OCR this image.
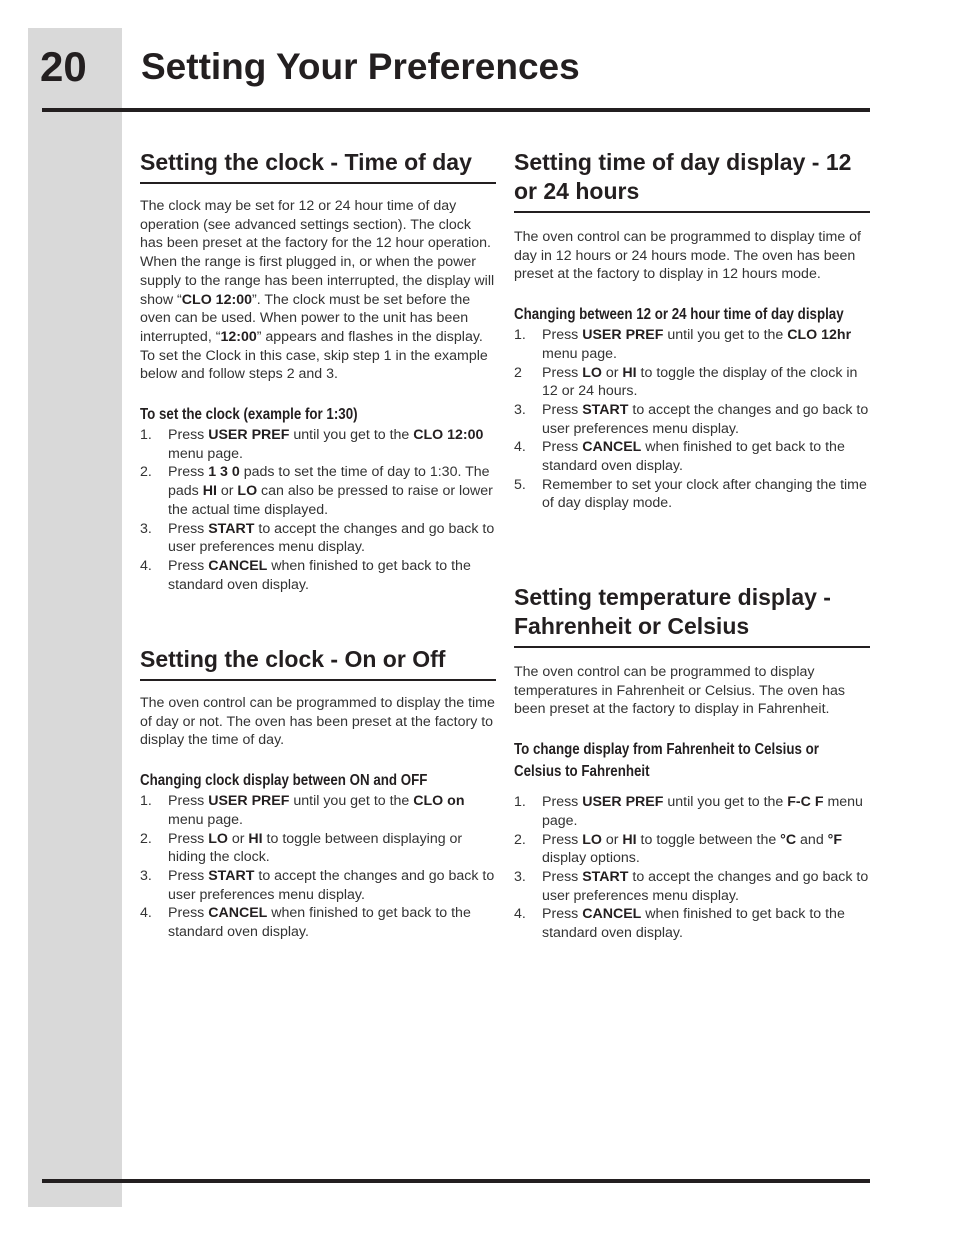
20 Setting Your Preferences
Setting the clock - Time of day

The clock may be set for 12 or 24 hour time of day operation (see advanced settings section). The clock has been preset at the factory for the 12 hour operation. When the range is first plugged in, or when the power supply to the range has been interrupted, the display will show “CLO 12:00”. The clock must be set before the oven can be used. When power to the unit has been interrupted, “12:00” appears and flashes in the display. To set the Clock in this case, skip step 1 in the example below and follow steps 2 and 3.

To set the clock (example for 1:30)

1. Press USER PREF until you get to the CLO 12:00 menu page.
2. Press 1 3 0 pads to set the time of day to 1:30. The pads HI or LO can also be pressed to raise or lower the actual time displayed.
3. Press START to accept the changes and go back to user preferences menu display.
4. Press CANCEL when finished to get back to the standard oven display.
Setting the clock - On or Off

The oven control can be programmed to display the time of day or not. The oven has been preset at the factory to display the time of day.

Changing clock display between ON and OFF

1. Press USER PREF until you get to the CLO on menu page.
2. Press LO or HI to toggle between displaying or hiding the clock.
3. Press START to accept the changes and go back to user preferences menu display.
4. Press CANCEL when finished to get back to the standard oven display.
Setting time of day display - 12 or 24 hours

The oven control can be programmed to display time of day in 12 hours or 24 hours mode. The oven has been preset at the factory to display in 12 hours mode.

Changing between 12 or 24 hour time of day display

1. Press USER PREF until you get to the CLO 12hr menu page.
2 Press LO or HI to toggle the display of the clock in 12 or 24 hours.
3. Press START to accept the changes and go back to user preferences menu display.
4. Press CANCEL when finished to get back to the standard oven display.
5. Remember to set your clock after changing the time of day display mode.
Setting temperature display - Fahrenheit or Celsius

The oven control can be programmed to display temperatures in Fahrenheit or Celsius. The oven has been preset at the factory to display in Fahrenheit.

To change display from Fahrenheit to Celsius or Celsius to Fahrenheit

1. Press USER PREF until you get to the F-C F menu page.
2. Press LO or HI to toggle between the °C and °F display options.
3. Press START to accept the changes and go back to user preferences menu display.
4. Press CANCEL when finished to get back to the standard oven display.
